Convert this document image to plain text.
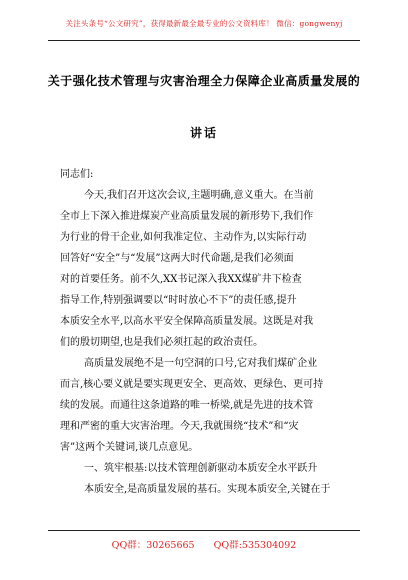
关注头条号“公文研究”，获得最新最全最专业的公文资料库！ 微信：gongwenyj
关于强化技术管理与灾害治理全力保障企业高质量发展的
讲话
同志们:
今天,我们召开这次会议,主题明确,意义重大。在当前
全市上下深入推进煤炭产业高质量发展的新形势下,我们作
为行业的骨干企业,如何我准定位、主动作为,以实际行动
回答好“安全”与“发展”这两大时代命题,是我们必须面
对的首要任务。前不久,XX书记深入我XX煤矿井下检查
指导工作,特别强调要以“时时放心不下”的责任感,提升
本质安全水平,以高水平安全保障高质量发展。这既是对我
们的殷切期望,也是我们必须扛起的政治责任。
高质量发展绝不是一句空洞的口号,它对我们煤矿企业
而言,核心要义就是要实现更安全、更高效、更绿色、更可持
续的发展。而通往这条道路的唯一桥梁,就是先进的技术管
理和严密的重大灾害治理。今天,我就围绕“技术”和“灾
害”这两个关键词,谈几点意见。
一、筑牢根基:以技术管理创新驱动本质安全水平跃升
本质安全,是高质量发展的基石。实现本质安全,关键在于
QQ群：30265665 QQ群:535304092
